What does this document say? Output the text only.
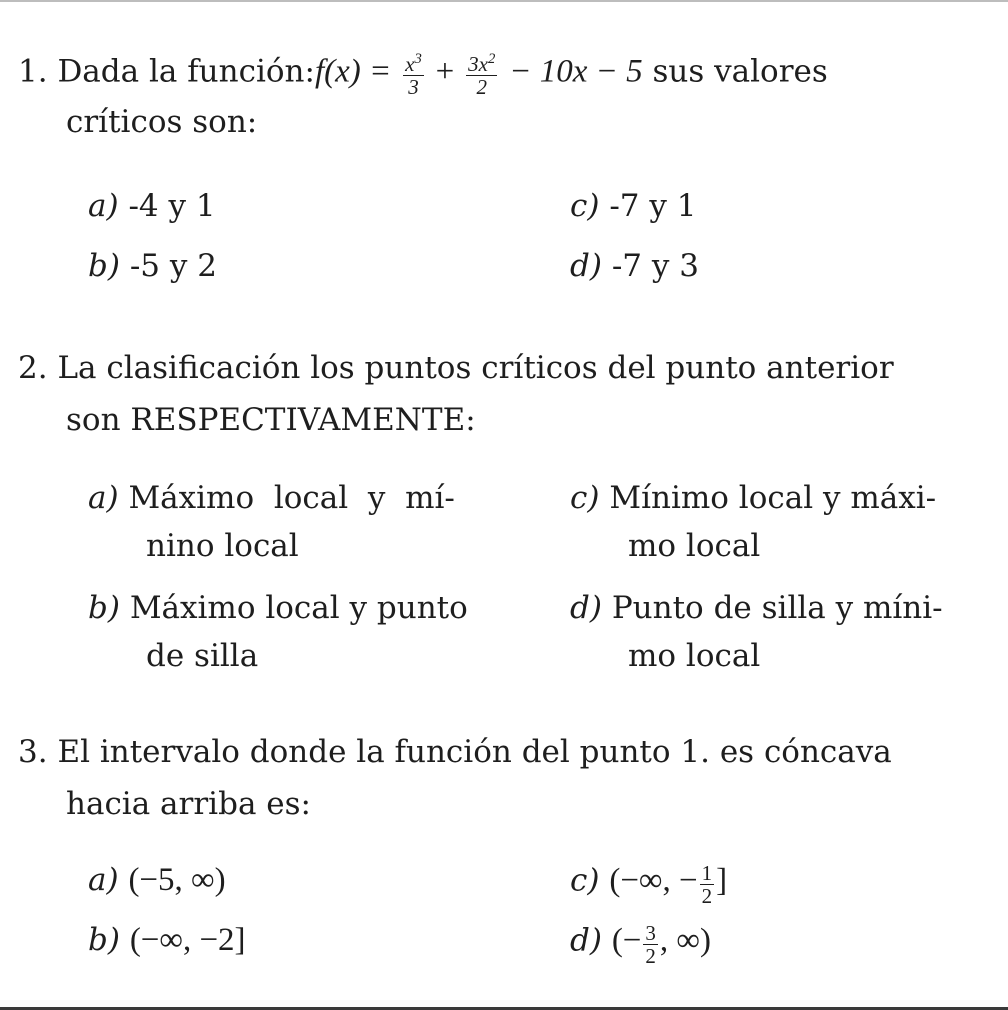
1. Dada la función:f(x) = $\frac{x^3}{3} + \frac{3x^2}{2} - 10x - 5$ sus valores
críticos son:
a) -4 y 1	c) -7 y 1
b) -5 y 2	d) -7 y 3
2. La clasificación los puntos críticos del punto anterior
son RESPECTIVAMENTE:
a) Máximo  local  y  mí-
nino local
c) Mínimo local y máxi-
mo local
b) Máximo local y punto
de silla
d) Punto de silla y míni-
mo local
3. El intervalo donde la función del punto 1. es cóncava
hacia arriba es:
a) (−5, ∞)	c) (−∞, − $\frac{1}{2}$ ]
b) (−∞, −2]	d) (− $\frac{3}{2}$ , ∞)
